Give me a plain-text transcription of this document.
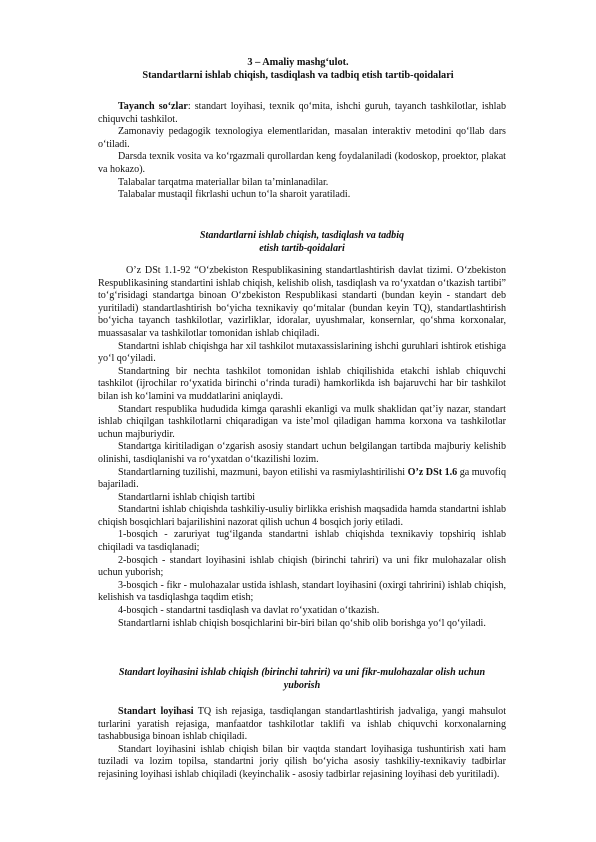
3 – Amaliy mashg‘ulot.
Standartlarni ishlab chiqish, tasdiqlash va tadbiq etish tartib-qoidalari

Tayanch so‘zlar: standart loyihasi, texnik qo‘mita, ishchi guruh, tayanch tashkilotlar, ishlab chiquvchi tashkilot.

Zamonaviy pedagogik texnologiya elementlaridan, masalan interaktiv metodini qo‘llab dars o‘tiladi.

Darsda texnik vosita va ko‘rgazmali qurollardan keng foydalaniladi (kodoskop, proektor, plakat va hokazo).

Talabalar tarqatma materiallar bilan ta’minlanadilar.

Talabalar mustaqil fikrlashi uchun to‘la sharoit yaratiladi.

Standartlarni ishlab chiqish, tasdiqlash va tadbiq

etish tartib-qoidalari

O’z DSt 1.1-92 “O‘zbekiston Respublikasining standartlashtirish davlat tizimi. O‘zbekiston Respublikasining standartini ishlab chiqish, kelishib olish, tasdiqlash va ro‘yxatdan o‘tkazish tartibi” to‘g‘risidagi standartga binoan O‘zbekiston Respublikasi standarti (bundan keyin - standart deb yuritiladi) standartlashtirish bo‘yicha texnikaviy qo‘mitalar (bundan keyin TQ), standartlashtirish bo‘yicha tayanch tashkilotlar, vazirliklar, idoralar, uyushmalar, konsernlar, qo‘shma korxonalar, muassasalar va tashkilotlar tomonidan ishlab chiqiladi.

Standartni ishlab chiqishga har xil tashkilot mutaxassislarining ishchi guruhlari ishtirok etishiga yo‘l qo‘yiladi.

Standartning bir nechta tashkilot tomonidan ishlab chiqilishida etakchi ishlab chiquvchi tashkilot (ijrochilar ro‘yxatida birinchi o‘rinda turadi) hamkorlikda ish bajaruvchi har bir tashkilot bilan ish ko‘lamini va muddatlarini aniqlaydi.

Standart respublika hududida kimga qarashli ekanligi va mulk shaklidan qat’iy nazar, standart ishlab chiqilgan tashkilotlarni chiqaradigan va iste’mol qiladigan hamma korxona va tashkilotlar uchun majburiydir.

Standartga kiritiladigan o‘zgarish asosiy standart uchun belgilangan tartibda majburiy kelishib olinishi, tasdiqlanishi va ro‘yxatdan o‘tkazilishi lozim.

Standartlarning tuzilishi, mazmuni, bayon etilishi va rasmiylashtirilishi O’z DSt 1.6 ga muvofiq bajariladi.

Standartlarni ishlab chiqish tartibi

Standartni ishlab chiqishda tashkiliy-usuliy birlikka erishish maqsadida hamda standartni ishlab chiqish bosqichlari bajarilishini nazorat qilish uchun 4 bosqich joriy etiladi.

1-bosqich - zaruriyat tug‘ilganda standartni ishlab chiqishda texnikaviy topshiriq ishlab chiqiladi va tasdiqlanadi;

2-bosqich - standart loyihasini ishlab chiqish (birinchi tahriri) va uni fikr mulohazalar olish uchun yuborish;

3-bosqich - fikr - mulohazalar ustida ishlash, standart loyihasini (oxirgi tahririni) ishlab chiqish, kelishish va tasdiqlashga taqdim etish;

4-bosqich - standartni tasdiqlash va davlat ro‘yxatidan o‘tkazish.

Standartlarni ishlab chiqish bosqichlarini bir-biri bilan qo‘shib olib borishga yo‘l qo‘yiladi.

Standart loyihasini ishlab chiqish (birinchi tahriri) va uni fikr-mulohazalar olish uchun

yuborish

Standart loyihasi TQ ish rejasiga, tasdiqlangan standartlashtirish jadvaliga, yangi mahsulot turlarini yaratish rejasiga, manfaatdor tashkilotlar taklifi va ishlab chiquvchi korxonalarning tashabbusiga binoan ishlab chiqiladi.

Standart loyihasini ishlab chiqish bilan bir vaqtda standart loyihasiga tushuntirish xati ham tuziladi va lozim topilsa, standartni joriy qilish bo‘yicha asosiy tashkiliy-texnikaviy tadbirlar rejasining loyihasi ishlab chiqiladi (keyinchalik - asosiy tadbirlar rejasining loyihasi deb yuritiladi).
